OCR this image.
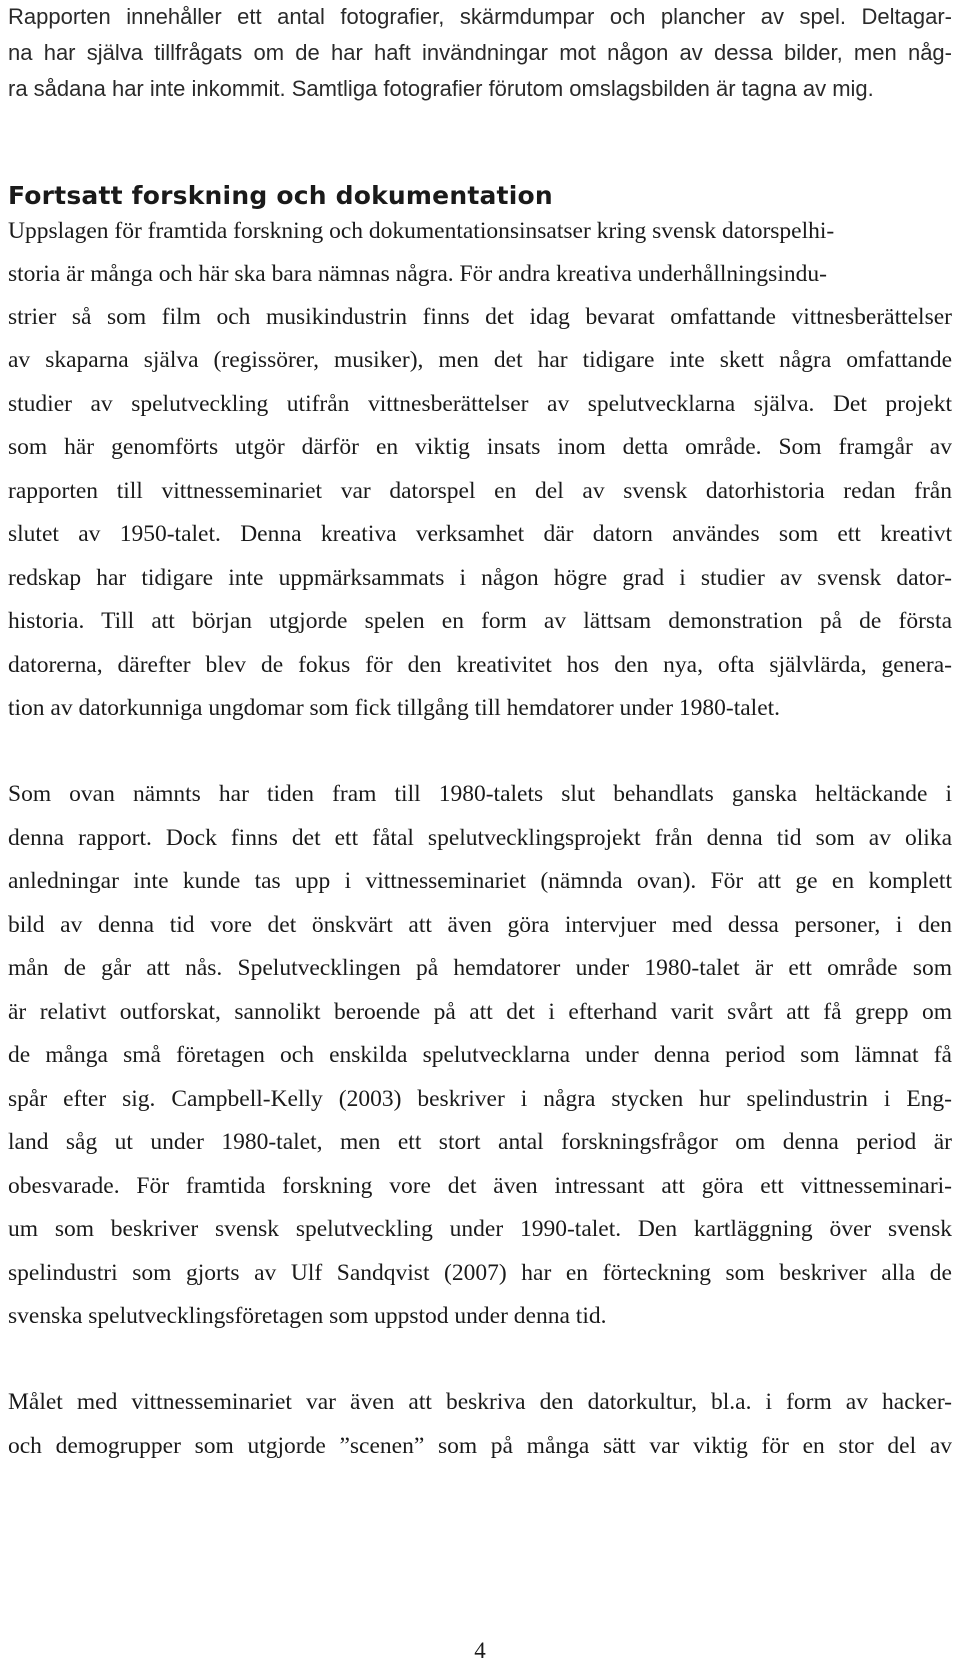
Rapporten innehåller ett antal fotografier, skärmdumpar och plancher av spel. Deltagar-
na har själva tillfrågats om de har haft invändningar mot någon av dessa bilder, men någ-
ra sådana har inte inkommit. Samtliga fotografier förutom omslagsbilden är tagna av mig.
Fortsatt forskning och dokumentation
Uppslagen för framtida forskning och dokumentationsinsatser kring svensk datorspelhi-
storia är många och här ska bara nämnas några. För andra kreativa underhållningsindu-
strier så som film och musikindustrin finns det idag bevarat omfattande vittnesberättelser
av skaparna själva (regissörer, musiker), men det har tidigare inte skett några omfattande
studier av spelutveckling utifrån vittnesberättelser av spelutvecklarna själva. Det projekt
som här genomförts utgör därför en viktig insats inom detta område. Som framgår av
rapporten till vittnesseminariet var datorspel en del av svensk datorhistoria redan från
slutet av 1950-talet. Denna kreativa verksamhet där datorn användes som ett kreativt
redskap har tidigare inte uppmärksammats i någon högre grad i studier av svensk dator-
historia. Till att början utgjorde spelen en form av lättsam demonstration på de första
datorerna, därefter blev de fokus för den kreativitet hos den nya, ofta självlärda, genera-
tion av datorkunniga ungdomar som fick tillgång till hemdatorer under 1980-talet.
Som ovan nämnts har tiden fram till 1980-talets slut behandlats ganska heltäckande i
denna rapport. Dock finns det ett fåtal spelutvecklingsprojekt från denna tid som av olika
anledningar inte kunde tas upp i vittnesseminariet (nämnda ovan). För att ge en komplett
bild av denna tid vore det önskvärt att även göra intervjuer med dessa personer, i den
mån de går att nås. Spelutvecklingen på hemdatorer under 1980-talet är ett område som
är relativt outforskat, sannolikt beroende på att det i efterhand varit svårt att få grepp om
de många små företagen och enskilda spelutvecklarna under denna period som lämnat få
spår efter sig. Campbell-Kelly (2003) beskriver i några stycken hur spelindustrin i Eng-
land såg ut under 1980-talet, men ett stort antal forskningsfrågor om denna period är
obesvarade. För framtida forskning vore det även intressant att göra ett vittnesseminari-
um som beskriver svensk spelutveckling under 1990-talet. Den kartläggning över svensk
spelindustri som gjorts av Ulf Sandqvist (2007) har en förteckning som beskriver alla de
svenska spelutvecklingsföretagen som uppstod under denna tid.
Målet med vittnesseminariet var även att beskriva den datorkultur, bl.a. i form av hacker-
och demogrupper som utgjorde ”scenen” som på många sätt var viktig för en stor del av
4
